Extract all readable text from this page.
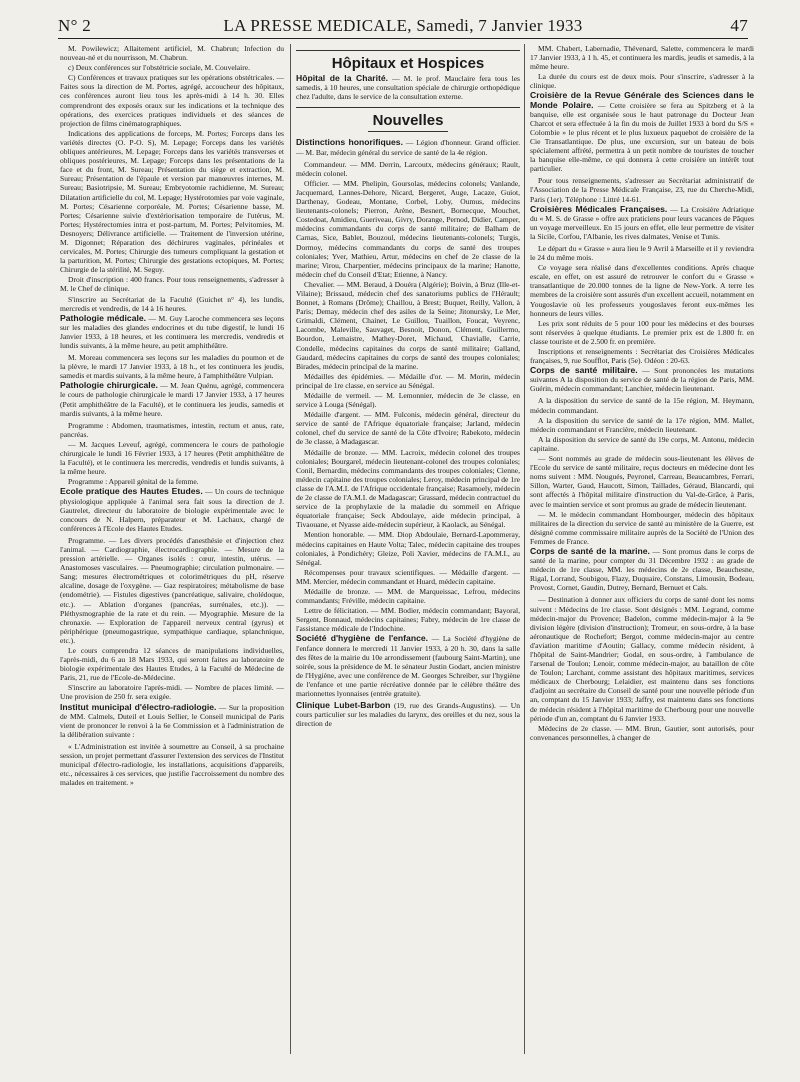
N° 2	LA PRESSE MEDICALE, Samedi, 7 Janvier 1933	47

M. Powilewicz; Allaitement artificiel, M. Chabrun; Infection du nouveau-né et du nourrisson, M. Chabrun.

c) Deux conférences sur l'obstétricie sociale, M. Couvelaire.

C) Conférences et travaux pratiques sur les opérations obstétricales. — Faites sous la direction de M. Portes, agrégé, accoucheur des hôpitaux, ces conférences auront lieu tous les après-midi à 14 h. 30. Elles comprendront des exposés oraux sur les indications et la technique des opérations, des exercices pratiques individuels et des séances de projection de films cinématographiques.

Indications des applications de forceps, M. Portes; Forceps dans les variétés directes (O. P-O. S), M. Lepage; Forceps dans les variétés obliques antérieures, M. Lepage; Forceps dans les variétés transverses et obliques postérieures, M. Lepage; Forceps dans les présentations de la face et du front, M. Sureau; Présentation du siège et extraction, M. Sureau; Présentation de l'épaule et version par manœuvres internes, M. Sureau; Basiotripsie, M. Sureau; Embryotomie rachidienne, M. Sureau; Dilatation artificielle du col, M. Lepage; Hystérotomies par voie vaginale, M. Portes; Césarienne corporéale, M. Portes; Césarienne basse, M. Portes; Césarienne suivie d'extériorisation temporaire de l'utérus, M. Portes; Hystérectomies intra et post-partum, M. Portes; Pelvitomies, M. Desnoyers; Délivrance artificielle. — Traitement de l'inversion utérine, M. Digonnet; Réparation des déchirures vaginales, périnéales et cervicales, M. Portes; Chirurgie des tumeurs compliquant la gestation et la parturition, M. Portes; Chirurgie des gestations ectopiques, M. Portes; Chirurgie de la stérilité, M. Seguy.

Droit d'inscription : 400 francs. Pour tous renseignements, s'adresser à M. le Chef de clinique.

S'inscrire au Secrétariat de la Faculté (Guichet n° 4), les lundis, mercredis et vendredis, de 14 à 16 heures.

Pathologie médicale. — M. Guy Laroche commencera ses leçons sur les maladies des glandes endocrines et du tube digestif, le lundi 16 Janvier 1933, à 18 heures, et les continuera les mercredis, vendredis et lundis suivants, à la même heure, au petit amphithéâtre.

M. Moreau commencera ses leçons sur les maladies du poumon et de la plèvre, le mardi 17 Janvier 1933, à 18 h., et les continuera les jeudis, samedis et mardis suivants, à la même heure, à l'amphithéâtre Vulpian.

Pathologie chirurgicale. — M. Jean Quénu, agrégé, commencera le cours de pathologie chirurgicale le mardi 17 Janvier 1933, à 17 heures (Petit amphithéâtre de la Faculté), et le continuera les jeudis, samedis et mardis suivants, à la même heure.

Programme : Abdomen, traumatismes, intestin, rectum et anus, rate, pancréas.

— M. Jacques Leveuf, agrégé, commencera le cours de pathologie chirurgicale le lundi 16 Février 1933, à 17 heures (Petit amphithéâtre de la Faculté), et le continuera les mercredis, vendredis et lundis suivants, à la même heure.

Programme : Appareil génital de la femme.

Ecole pratique des Hautes Etudes. — Un cours de technique physiologique appliquée à l'animal sera fait sous la direction de J. Gautrelet, directeur du laboratoire de biologie expérimentale avec le concours de N. Halpern, préparateur et M. Lachaux, chargé de conférences à l'Ecole des Hautes Etudes.

Programme. — Les divers procédés d'anesthésie et d'injection chez l'animal. — Cardiographie, électrocardiographie. — Mesure de la pression artérielle. — Organes isolés : cœur, intestin, utérus. — Anastomoses vasculaires. — Pneumographie; circulation pulmonaire. — Sang; mesures électrométriques et colorimétriques du pH, réserve alcaline, dosage de l'oxygène. — Gaz respiratoires; métabolisme de base (endométrie). — Fistules digestives (pancréatique, salivaire, cholédoque, etc.). — Ablation d'organes (pancréas, surrénales, etc.)). — Pléthysmographie de la rate et du rein. — Myographie. Mesure de la chronaxie. — Exploration de l'appareil nerveux central (gyrus) et périphérique (pneumogastrique, sympathique cardiaque, splanchnique, etc.).

Le cours comprendra 12 séances de manipulations individuelles, l'après-midi, du 6 au 18 Mars 1933, qui seront faites au laboratoire de biologie expérimentale des Hautes Etudes, à la Faculté de Médecine de Paris, 21, rue de l'Ecole-de-Médecine.

S'inscrire au laboratoire l'après-midi. — Nombre de places limité. — Une provision de 250 fr. sera exigée.

Institut municipal d'électro-radiologie. — Sur la proposition de MM. Calmels, Duteil et Louis Sellier, le Conseil municipal de Paris vient de prononcer le renvoi à la 6e Commission et à l'administration de la délibération suivante :

« L'Administration est invitée à soumettre au Conseil, à sa prochaine session, un projet permettant d'assurer l'extension des services de l'Institut municipal d'électro-radiologie, les installations, acquisitions d'appareils, etc., nécessaires à ces services, que justifie l'accroissement du nombre des malades en traitement. »

Hôpitaux et Hospices

Hôpital de la Charité. — M. le prof. Mauclaire fera tous les samedis, à 10 heures, une consultation spéciale de chirurgie orthopédique chez l'adulte, dans le service de la consultation externe.

Nouvelles

Distinctions honorifiques. — Légion d'honneur. Grand officier. — M. Bar, médecin général du service de santé de la 4e région.

Commandeur. — MM. Derrin, Larcoutx, médecins généraux; Rault, médecin colonel.

Officier. — MM. Phelipin, Goursolas, médecins colonels; Vanlande, Jacquemard, Lannes-Dehore, Nicard, Bergeret, Auge, Lacaze, Guiot, Darthenay, Godeau, Montane, Corbel, Loby, Oumus, médecins lieutenants-colonels; Pierron, Arène, Besnert, Bornecque, Mouchet, Costedoat, Amidieu, Gueriveau, Givry, Dorange, Pernod, Didier, Camper, médecins commandants du corps de santé militaire; de Balham de Carnas, Sice, Bablet, Bouzoul, médecins lieutenants-colonels; Turgis, Dormoy, médecins commandants du corps de santé des troupes coloniales; Yver, Mathieu, Artur, médecins en chef de 2e classe de la marine; Virou, Charpentier, médecins principaux de la marine; Hanotte, médecin chef du Conseil d'Etat; Etienne, à Nancy.

Chevalier. — MM. Beraud, à Douéra (Algérie); Boivin, à Bruz (Ille-et-Vilaine); Brissaud, médecin chef des sanatoriums publics de l'Hérault; Bonnet, à Romans (Drôme); Chaillou, à Brest; Buquet, Reilly, Vallon, à Paris; Demay, médecin chef des asiles de la Seine; Jitonursky, Le Mer, Grimaldi, Clément, Chainet, Le Guillou, Tuaillon, Foucat, Veyrenc, Lacombe, Maleville, Sauvaget, Besnoit, Donon, Clément, Guillermo, Bourdon, Lemaistre, Mathey-Doret, Michaud, Chavialle, Carrie, Condelle, médecins capitaines du corps de santé militaire; Galland, Gaudard, médecins capitaines du corps de santé des troupes coloniales; Birades, médecin principal de la marine.

Médailles des épidémies. — Médaille d'or. — M. Morin, médecin principal de 1re classe, en service au Sénégal.

Médaille de vermeil. — M. Lemonnier, médecin de 3e classe, en service à Louga (Sénégal).

Médaille d'argent. — MM. Fulconis, médecin général, directeur du service de santé de l'Afrique équatoriale française; Jarland, médecin colonel, chef du service de santé de la Côte d'Ivoire; Rabekoto, médecin de 3e classe, à Madagascar.

Médaille de bronze. — MM. Lacroix, médecin colonel des troupes coloniales; Bourgarel, médecin lieutenant-colonel des troupes coloniales; Conil, Bernardin, médecins commandants des troupes coloniales; Cienne, médecin capitaine des troupes coloniales; Leroy, médecin principal de 1re classe de l'A.M.I. de l'Afrique occidentale française; Rasamoely, médecin de 2e classe de l'A.M.I. de Madagascar; Grassard, médecin contractuel du service de la prophylaxie de la maladie du sommeil en Afrique équatoriale française; Seck Abdoulaye, aide médecin principal, à Tivaouane, et Nyasse aide-médecin supérieur, à Kaolack, au Sénégal.

Mention honorable. — MM. Diop Abdoulaie, Bernard-Lapommeray, médecins capitaines en Haute Volta; Talec, médecin capitaine des troupes coloniales, à Pondichéry; Gleize, Poli Xavier, médecins de l'A.M.I., au Sénégal.

Récompenses pour travaux scientifiques. — Médaille d'argent. — MM. Mercier, médecin commandant et Huard, médecin capitaine.

Médaille de bronze. — MM. de Marqueissac, Lefrou, médecins commandants; Fréville, médecin capitaine.

Lettre de félicitation. — MM. Bodier, médecin commandant; Bayoral, Sergent, Bonnaud, médecins capitaines; Fabry, médecin de 1re classe de l'assistance médicale de l'Indochine.

Société d'hygiène de l'enfance. — La Société d'hygiène de l'enfance donnera le mercredi 11 Janvier 1933, à 20 h. 30, dans la salle des fêtes de la mairie du 10e arrondissement (faubourg Saint-Martin), une soirée, sous la présidence de M. le sénateur Justin Godart, ancien ministre de l'Hygiène, avec une conférence de M. Georges Schreiber, sur l'hygiène de l'enfance et une partie récréative donnée par le célèbre théâtre des marionnettes lyonnaises (entrée gratuite).

Clinique Lubet-Barbon (19, rue des Grands-Augustins). — Un cours particulier sur les maladies du larynx, des oreilles et du nez, sous la direction de

MM. Chabert, Labernadie, Thévenard, Salette, commencera le mardi 17 Janvier 1933, à 1 h. 45, et continuera les mardis, jeudis et samedis, à la même heure.

La durée du cours est de deux mois. Pour s'inscrire, s'adresser à la clinique.

Croisière de la Revue Générale des Sciences dans le Monde Polaire. — Cette croisière se fera au Spitzberg et à la banquise, elle est organisée sous le haut patronage du Docteur Jean Charcot et sera effectuée à la fin du mois de Juillet 1933 à bord du S/S « Colombie » le plus récent et le plus luxueux paquebot de croisière de la Cie Transatlantique. De plus, une excursion, sur un bateau de bois spécialement affrété, permettra à un petit nombre de touristes de toucher la banquise elle-même, ce qui donnera à cette croisière un intérêt tout particulier.

Pour tous renseignements, s'adresser au Secrétariat administratif de l'Association de la Presse Médicale Française, 23, rue du Cherche-Midi, Paris (1er). Téléphone : Littré 14-61.

Croisières Médicales Françaises. — La Croisière Adriatique du « M. S. de Grasse » offre aux praticiens pour leurs vacances de Pâques un voyage merveilleux. En 15 jours en effet, elle leur permettre de visiter la Sicile, Corfou, l'Albanie, les rives dalmates, Venise et Tunis.

Le départ du « Grasse » aura lieu le 9 Avril à Marseille et il y reviendra le 24 du même mois.

Ce voyage sera réalisé dans d'excellentes conditions. Après chaque escale, en effet, on est assuré de retrouver le confort du « Grasse » transatlantique de 20.000 tonnes de la ligne de New-York. A terre les membres de la croisière sont assurés d'un excellent accueil, notamment en Yougoslavie où les professeurs yougoslaves feront eux-mêmes les honneurs de leurs villes.

Les prix sont réduits de 5 pour 100 pour les médecins et des bourses sont réservées à quelque étudiants. Le premier prix est de 1.800 fr. en classe touriste et de 2.500 fr. en première.

Inscriptions et renseignements : Secrétariat des Croisières Médicales françaises, 9, rue Soufflot, Paris (5e). Odéon : 20-63.

Corps de santé militaire. — Sont prononcées les mutations suivantes A la disposition du service de santé de la région de Paris, MM. Guérin, médecin commandant; Lanchier, médecin lieutenant.

A la disposition du service de santé de la 15e région, M. Heymann, médecin commandant.

A la disposition du service de santé de la 17e région, MM. Mallet, médecin commandant et Francière, médecin lieutenant.

A la disposition du service de santé du 19e corps, M. Antonu, médecin capitaine.

— Sont nommés au grade de médecin sous-lieutenant les élèves de l'Ecole du service de santé militaire, reçus docteurs en médecine dont les noms suivent : MM. Nougués, Peyronel, Carreau, Beaucambres, Ferrari, Sillon, Warter, Gaud, Haucott, Simon, Taillades, Géraud, Blancardi, qui sont affectés à l'hôpital militaire d'instruction du Val-de-Grâce, à Paris, avec le maintien service et sont promus au grade de médecin lieutenant.

— M. le médecin commandant Hombourger, médecin des hôpitaux militaires de la direction du service de santé au ministère de la Guerre, est désigné comme commissaire militaire auprès de la Société de l'Union des Femmes de France.

Corps de santé de la marine. — Sont promus dans le corps de santé de la marine, pour compter du 31 Décembre 1932 : au grade de médecin de 1re classe, MM. les médecins de 2e classe, Beauchesne, Rigal, Lorrand, Soubigou, Flazy, Duquaire, Constans, Limousin, Bodeau, Provost, Cornet, Gaudin, Dutrey, Bernard, Bernuet et Cals.

— Destination à donner aux officiers du corps de santé dont les noms suivent : Médecins de 1re classe. Sont désignés : MM. Legrand, comme médecin-major du Provence; Badelon, comme médecin-major à la 9e division légère (division d'instruction); Tromeur, en sous-ordre, à la base aéronautique de Rochefort; Bergot, comme médecin-major au centre d'aviation maritime d'Aoutin; Gallacy, comme médecin résident, à l'hôpital de Saint-Mandrier; Godal, en sous-ordre, à l'ambulance de l'arsenal de Toulon; Lenoir, comme médecin-major, au bataillon de côte de Toulon; Larchant, comme assistant des hôpitaux maritimes, services médicaux de Cherbourg; Lelaidier, est maintenu dans ses fonctions d'adjoint au secrétaire du Conseil de santé pour une nouvelle période d'un an, comptant du 15 Janvier 1933; Jaffry, est maintenu dans ses fonctions de médecin résident à l'hôpital maritime de Cherbourg pour une nouvelle période d'un an, comptant du 6 Janvier 1933.

Médecins de 2e classe. — MM. Brun, Gautier, sont autorisés, pour convenances personnelles, à changer de
